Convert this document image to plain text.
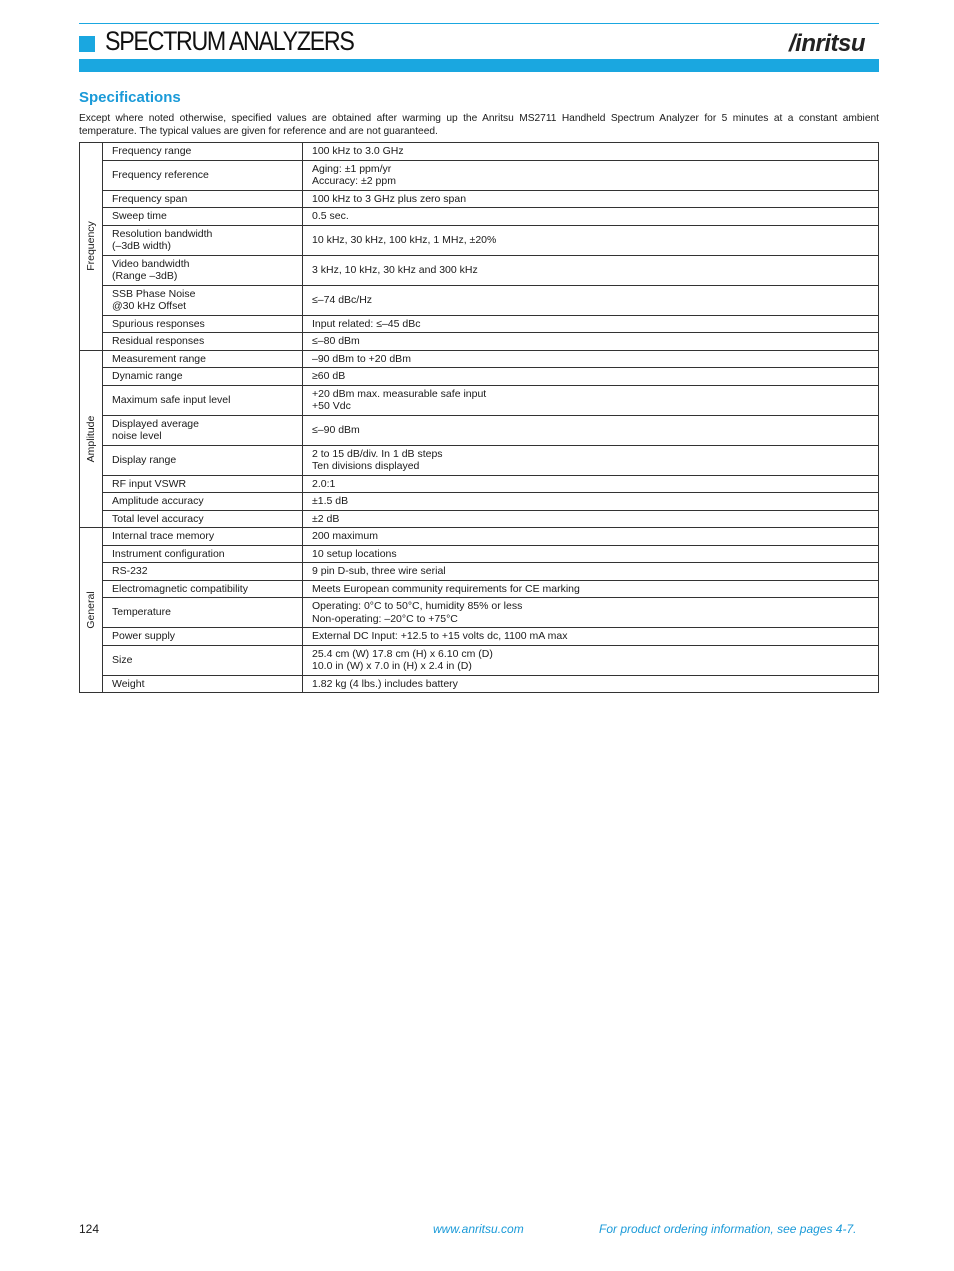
SPECTRUM ANALYZERS	/inritsu
Specifications
Except where noted otherwise, specified values are obtained after warming up the Anritsu MS2711 Handheld Spectrum Analyzer for 5 minutes at a constant ambient temperature. The typical values are given for reference and are not guaranteed.
Frequency	Frequency range	100 kHz to 3.0 GHz

	Frequency reference	Aging: ±1 ppm/yr
Accuracy: ±2 ppm

	Frequency span	100 kHz to 3 GHz plus zero span

	Sweep time	0.5 sec.

	Resolution bandwidth
(–3dB width)	10 kHz, 30 kHz, 100 kHz, 1 MHz, ±20%

	Video bandwidth
(Range –3dB)	3 kHz, 10 kHz, 30 kHz and 300 kHz

	SSB Phase Noise
@30 kHz Offset	≤–74 dBc/Hz

	Spurious responses	Input related: ≤–45 dBc

	Residual responses	≤–80 dBm

Amplitude	Measurement range	–90 dBm to +20 dBm

	Dynamic range	≥60 dB

	Maximum safe input level	+20 dBm max. measurable safe input
+50 Vdc

	Displayed average
noise level	≤–90 dBm

	Display range	2 to 15 dB/div. In 1 dB steps
Ten divisions displayed

	RF input VSWR	2.0:1

	Amplitude accuracy	±1.5 dB

	Total level accuracy	±2 dB

General	Internal trace memory	200 maximum

	Instrument configuration	10 setup locations

	RS-232	9 pin D-sub, three wire serial

	Electromagnetic compatibility	Meets European community requirements for CE marking

	Temperature	Operating: 0°C to 50°C, humidity 85% or less
Non-operating: –20°C to +75°C

	Power supply	External DC Input: +12.5 to +15 volts dc, 1100 mA max

	Size	25.4 cm (W) 17.8 cm (H) x 6.10 cm (D)
10.0 in (W) x 7.0 in (H) x 2.4 in (D)

	Weight	1.82 kg (4 lbs.) includes battery
124	www.anritsu.com	For product ordering information, see pages 4-7.
